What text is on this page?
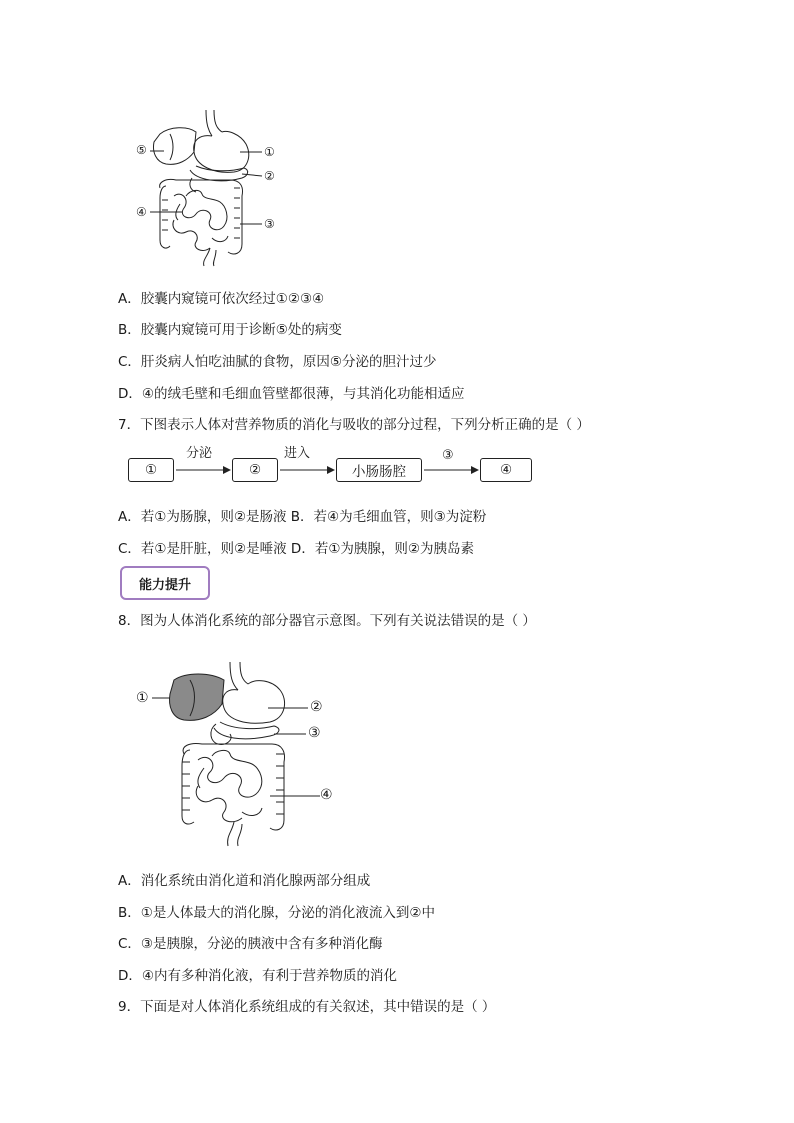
⑤	①
②
④
③
A．胶囊内窥镜可依次经过①②③④
B．胶囊内窥镜可用于诊断⑤处的病变
C．肝炎病人怕吃油腻的食物，原因⑤分泌的胆汁过少
D．④的绒毛壁和毛细血管壁都很薄，与其消化功能相适应
7．下图表示人体对营养物质的消化与吸收的部分过程，下列分析正确的是（ ）
①	②	小肠肠腔	④
分泌	进入	③
A．若①为肠腺，则②是肠液 B．若④为毛细血管，则③为淀粉
C．若①是肝脏，则②是唾液 D．若①为胰腺，则②为胰岛素
能力提升
8．图为人体消化系统的部分器官示意图。下列有关说法错误的是（ ）
①
②
③
④
A．消化系统由消化道和消化腺两部分组成
B．①是人体最大的消化腺，分泌的消化液流入到②中
C．③是胰腺，分泌的胰液中含有多种消化酶
D．④内有多种消化液，有利于营养物质的消化
9．下面是对人体消化系统组成的有关叙述，其中错误的是（ ）
